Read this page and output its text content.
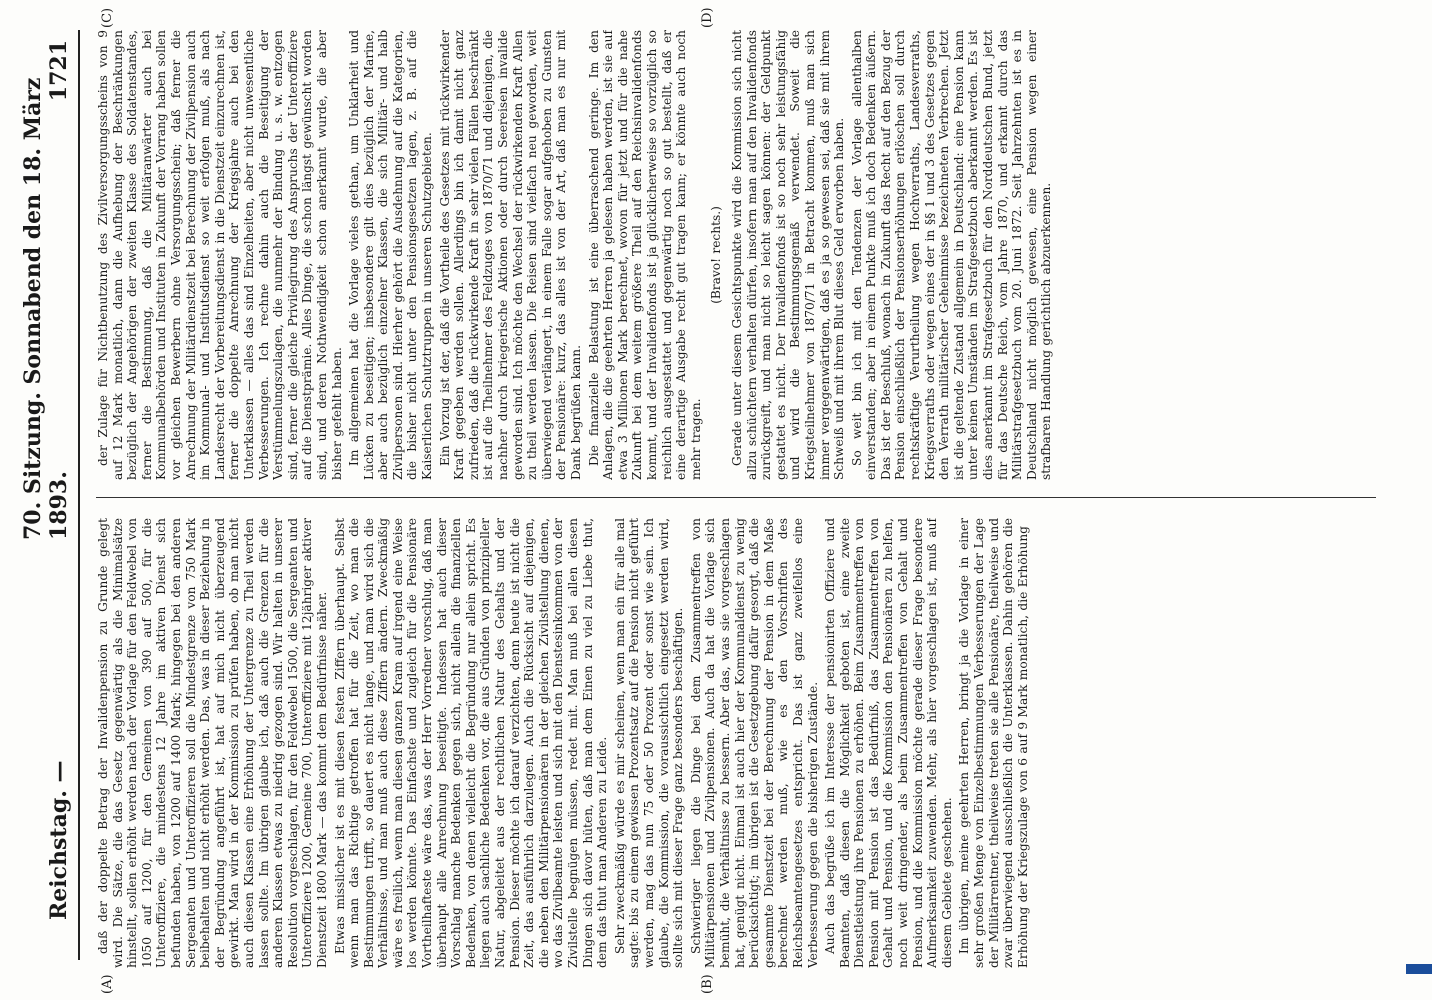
Reichstag. —
70. Sitzung. Sonnabend den 18. März 1893.
1721
(A)	(B)
(C)	(D)

daß der doppelte Betrag der Invalidenpension zu Grunde gelegt wird. Die Sätze, die das Gesetz gegenwärtig als die Minimalsätze hinstellt, sollen erhöht werden nach der Vorlage für den Feldwebel von 1050 auf 1200, für den Gemeinen von 390 auf 500, für die Unteroffiziere, die mindestens 12 Jahre im aktiven Dienst sich befunden haben, von 1200 auf 1400 Mark; hingegen bei den anderen Sergeanten und Unteroffizieren soll die Mindestgrenze von 750 Mark beibehalten und nicht erhöht werden. Das, was in dieser Beziehung in der Begründung angeführt ist, hat auf mich nicht überzeugend gewirkt. Man wird in der Kommission zu prüfen haben, ob man nicht auch diesen Klassen eine Erhöhung der Untergrenze zu Theil werden lassen sollte. Im übrigen glaube ich, daß auch die Grenzen für die anderen Klassen etwas zu niedrig gezogen sind. Wir halten in unserer Resolution vorgeschlagen, für den Feldwebel 1500, die Sergeanten und Unteroffiziere 1200, Gemeine 700, Unteroffiziere mit 12jähriger aktiver Dienstzeit 1800 Mark — das kommt dem Bedürfnisse näher. Etwas misslicher ist es mit diesen festen Ziffern überhaupt. Selbst wenn man das Richtige getroffen hat für die Zeit, wo man die Bestimmungen trifft, so dauert es nicht lange, und man wird sich die Verhältnisse, und man muß auch diese Ziffern ändern. Zweckmäßig wäre es freilich, wenn man diesen ganzen Kram auf irgend eine Weise los werden könnte. Das Einfachste und zugleich für die Pensionäre Vortheilhafteste wäre das, was der Herr Vorredner vorschlug, daß man überhaupt alle Anrechnung beseitigte. Indessen hat auch dieser Vorschlag manche Bedenken gegen sich, nicht allein die finanziellen Bedenken, von denen vielleicht die Begründung nur allein spricht. Es liegen auch sachliche Bedenken vor, die aus Gründen von prinzipieller Natur, abgeleitet aus der rechtlichen Natur des Gehalts und der Pension. Dieser möchte ich darauf verzichten, denn heute ist nicht die Zeit, das ausführlich darzulegen. Auch die Rücksicht auf diejenigen, die neben den Militärpensionären in der gleichen Zivilstellung dienen, wo das Zivilbeamte leisten und sich mit den Dienstesinkommen von der Zivilstelle begnügen müssen, redet mit. Man muß bei allen diesen Dingen sich davor hüten, daß man dem Einen zu viel zu Liebe thut, dem das thut man Anderen zu Leide. Sehr zweckmäßig würde es mir scheinen, wenn man ein für alle mal sagte: bis zu einem gewissen Prozentsatz auf die Pension nicht geführt werden, mag das nun 75 oder 50 Prozent oder sonst wie sein. Ich glaube, die Kommission, die voraussichtlich eingesetzt werden wird, sollte sich mit dieser Frage ganz besonders beschäftigen. Schwieriger liegen die Dinge bei dem Zusammentreffen von Militärpensionen und Zivilpensionen. Auch da hat die Vorlage sich bemüht, die Verhältnisse zu bessern. Aber das, was sie vorgeschlagen hat, genügt nicht. Einmal ist auch hier der Kommunaldienst zu wenig berücksichtigt; im übrigen ist die Gesetzgebung dafür gesorgt, daß die gesammte Dienstzeit bei der Berechnung der Pension in dem Maße berechnet werden muß, wie es den Vorschriften des Reichsbeamtengesetzes entspricht. Das ist ganz zweifellos eine Verbesserung gegen die bisherigen Zustände. Auch das begrüße ich im Interesse der pensionirten Offiziere und Beamten, daß diesen die Möglichkeit geboten ist, eine zweite Dienstleistung ihre Pensionen zu erhöhen. Beim Zusammentreffen von Pension mit Pension ist das Bedürfniß, das Zusammentreffen von Gehalt und Pension, und die Kommission den Pensionären zu helfen, noch weit dringender, als beim Zusammentreffen von Gehalt und Pension, und die Kommission möchte gerade dieser Frage besondere Aufmerksamkeit zuwenden. Mehr, als hier vorgeschlagen ist, muß auf diesem Gebiete geschehen. Im übrigen, meine geehrten Herren, bringt ja die Vorlage in einer sehr großen Menge von Einzelbestimmungen Verbesserungen der Lage der Militärrentner, theilweise treten sie alle Pensionäre, theilweise und zwar überwiegend ausschließlich die Unterklassen. Dahin gehören die Erhöhung der Kriegszulage von 6 auf 9 Mark monatlich, die Erhöhung

der Zulage für Nichtbenutzung des Zivilversorgungsscheins von 9 auf 12 Mark monatlich, dann die Aufhebung der Beschränkungen bezüglich der Angehörigen der zweiten Klasse des Soldatenstandes, ferner die Bestimmung, daß die Militäranwärter auch bei Kommunalbehörden und Instituten in Zukunft der Vorrang haben sollen vor gleichen Bewerbern ohne Versorgungsschein; daß ferner die Anrechnung der Militärdienstzeit bei Berechnung der Zivilpension auch im Kommunal- und Institutsdienst so weit erfolgen muß, als nach Landesrecht der Vorbereitungsdienst in die Dienstzeit einzurechnen ist, ferner die doppelte Anrechnung der Kriegsjahre auch bei den Unterklassen — alles das sind Einzelheiten, aber nicht unwesentliche Verbesserungen. Ich rechne dahin auch die Beseitigung der Verstümmelungszulagen, die nunmehr der Bindung u. s. w. entzogen sind, ferner die gleiche Privilegirung des Anspruchs der Unteroffiziere auf die Dienstprämie. Alles Dinge, die schon längst gewünscht worden sind, und deren Nothwendigkeit schon anerkannt wurde, die aber bisher gefehlt haben. Im allgemeinen hat die Vorlage vieles gethan, um Unklarheit und Lücken zu beseitigen; insbesondere gilt dies bezüglich der Marine, aber auch bezüglich einzelner Klassen, die sich Militär- und halb Zivilpersonen sind. Hierher gehört die Ausdehnung auf die Kategorien, die bisher nicht unter den Pensionsgesetzen lagen, z. B. auf die Kaiserlichen Schutztruppen in unseren Schutzgebieten. Ein Vorzug ist der, daß die Vortheile des Gesetzes mit rückwirkender Kraft gegeben werden sollen. Allerdings bin ich damit nicht ganz zufrieden, daß die rückwirkende Kraft in sehr vielen Fällen beschränkt ist auf die Theilnehmer des Feldzuges von 1870/71 und diejenigen, die nachher durch kriegerische Aktionen oder durch Seereisen invalide geworden sind. Ich möchte den Wechsel der rückwirkenden Kraft Allen zu theil werden lassen. Die Reisen sind vielfach neu geworden, weit überwiegend verlängert, in einem Falle sogar aufgehoben zu Gunsten der Pensionäre: kurz, das alles ist von der Art, daß man es nur mit Dank begrüßen kann. Die finanzielle Belastung ist eine überraschend geringe. Im den Anlagen, die die geehrten Herren ja gelesen haben werden, ist sie auf etwa 3 Millionen Mark berechnet, wovon für jetzt und für die nahe Zukunft bei dem weitem größere Theil auf den Reichsinvalidenfonds kommt, und der Invalidenfonds ist ja glücklicherweise so vorzüglich so reichlich ausgestattet und gegenwärtig noch so gut bestellt, daß er eine derartige Ausgabe recht gut tragen kann; er könnte auch noch mehr tragen.

(Bravo! rechts.) Gerade unter diesem Gesichtspunkte wird die Kommission sich nicht allzu schüchtern verhalten dürfen, insofern man auf den Invalidenfonds zurückgreift, und man nicht so leicht sagen können: der Geldpunkt gestattet es nicht. Der Invalidenfonds ist so noch sehr leistungsfähig und wird die Bestimmungsgemäß verwendet. Soweit die Kriegsteilnehmer von 1870/71 in Betracht kommen, muß man sich immer vergegenwärtigen, daß es ja so gewesen sei, daß sie mit ihrem Schweiß und mit ihrem Blut dieses Geld erworben haben. So weit bin ich mit den Tendenzen der Vorlage allenthalben einverstanden; aber in einem Punkte muß ich doch Bedenken äußern. Das ist der Beschluß, wonach in Zukunft das Recht auf den Bezug der Pension einschließlich der Pensionserhöhungen erlöschen soll durch rechtskräftige Verurtheilung wegen Hochverraths, Landesverraths, Kriegsverraths oder wegen eines der in §§ 1 und 3 des Gesetzes gegen den Verrath militärischer Geheimnisse bezeichneten Verbrechen. Jetzt ist die geltende Zustand allgemein in Deutschland: eine Pension kann unter keinen Umständen im Strafgesetzbuch aberkannt werden. Es ist dies anerkannt im Strafgesetzbuch für den Norddeutschen Bund, jetzt für das Deutsche Reich, vom Jahre 1870, und erkannt durch das Militärstrafgesetzbuch vom 20. Juni 1872. Seit Jahrzehnten ist es in Deutschland nicht möglich gewesen, eine Pension wegen einer strafbaren Handlung gerichtlich abzuerkennen.
